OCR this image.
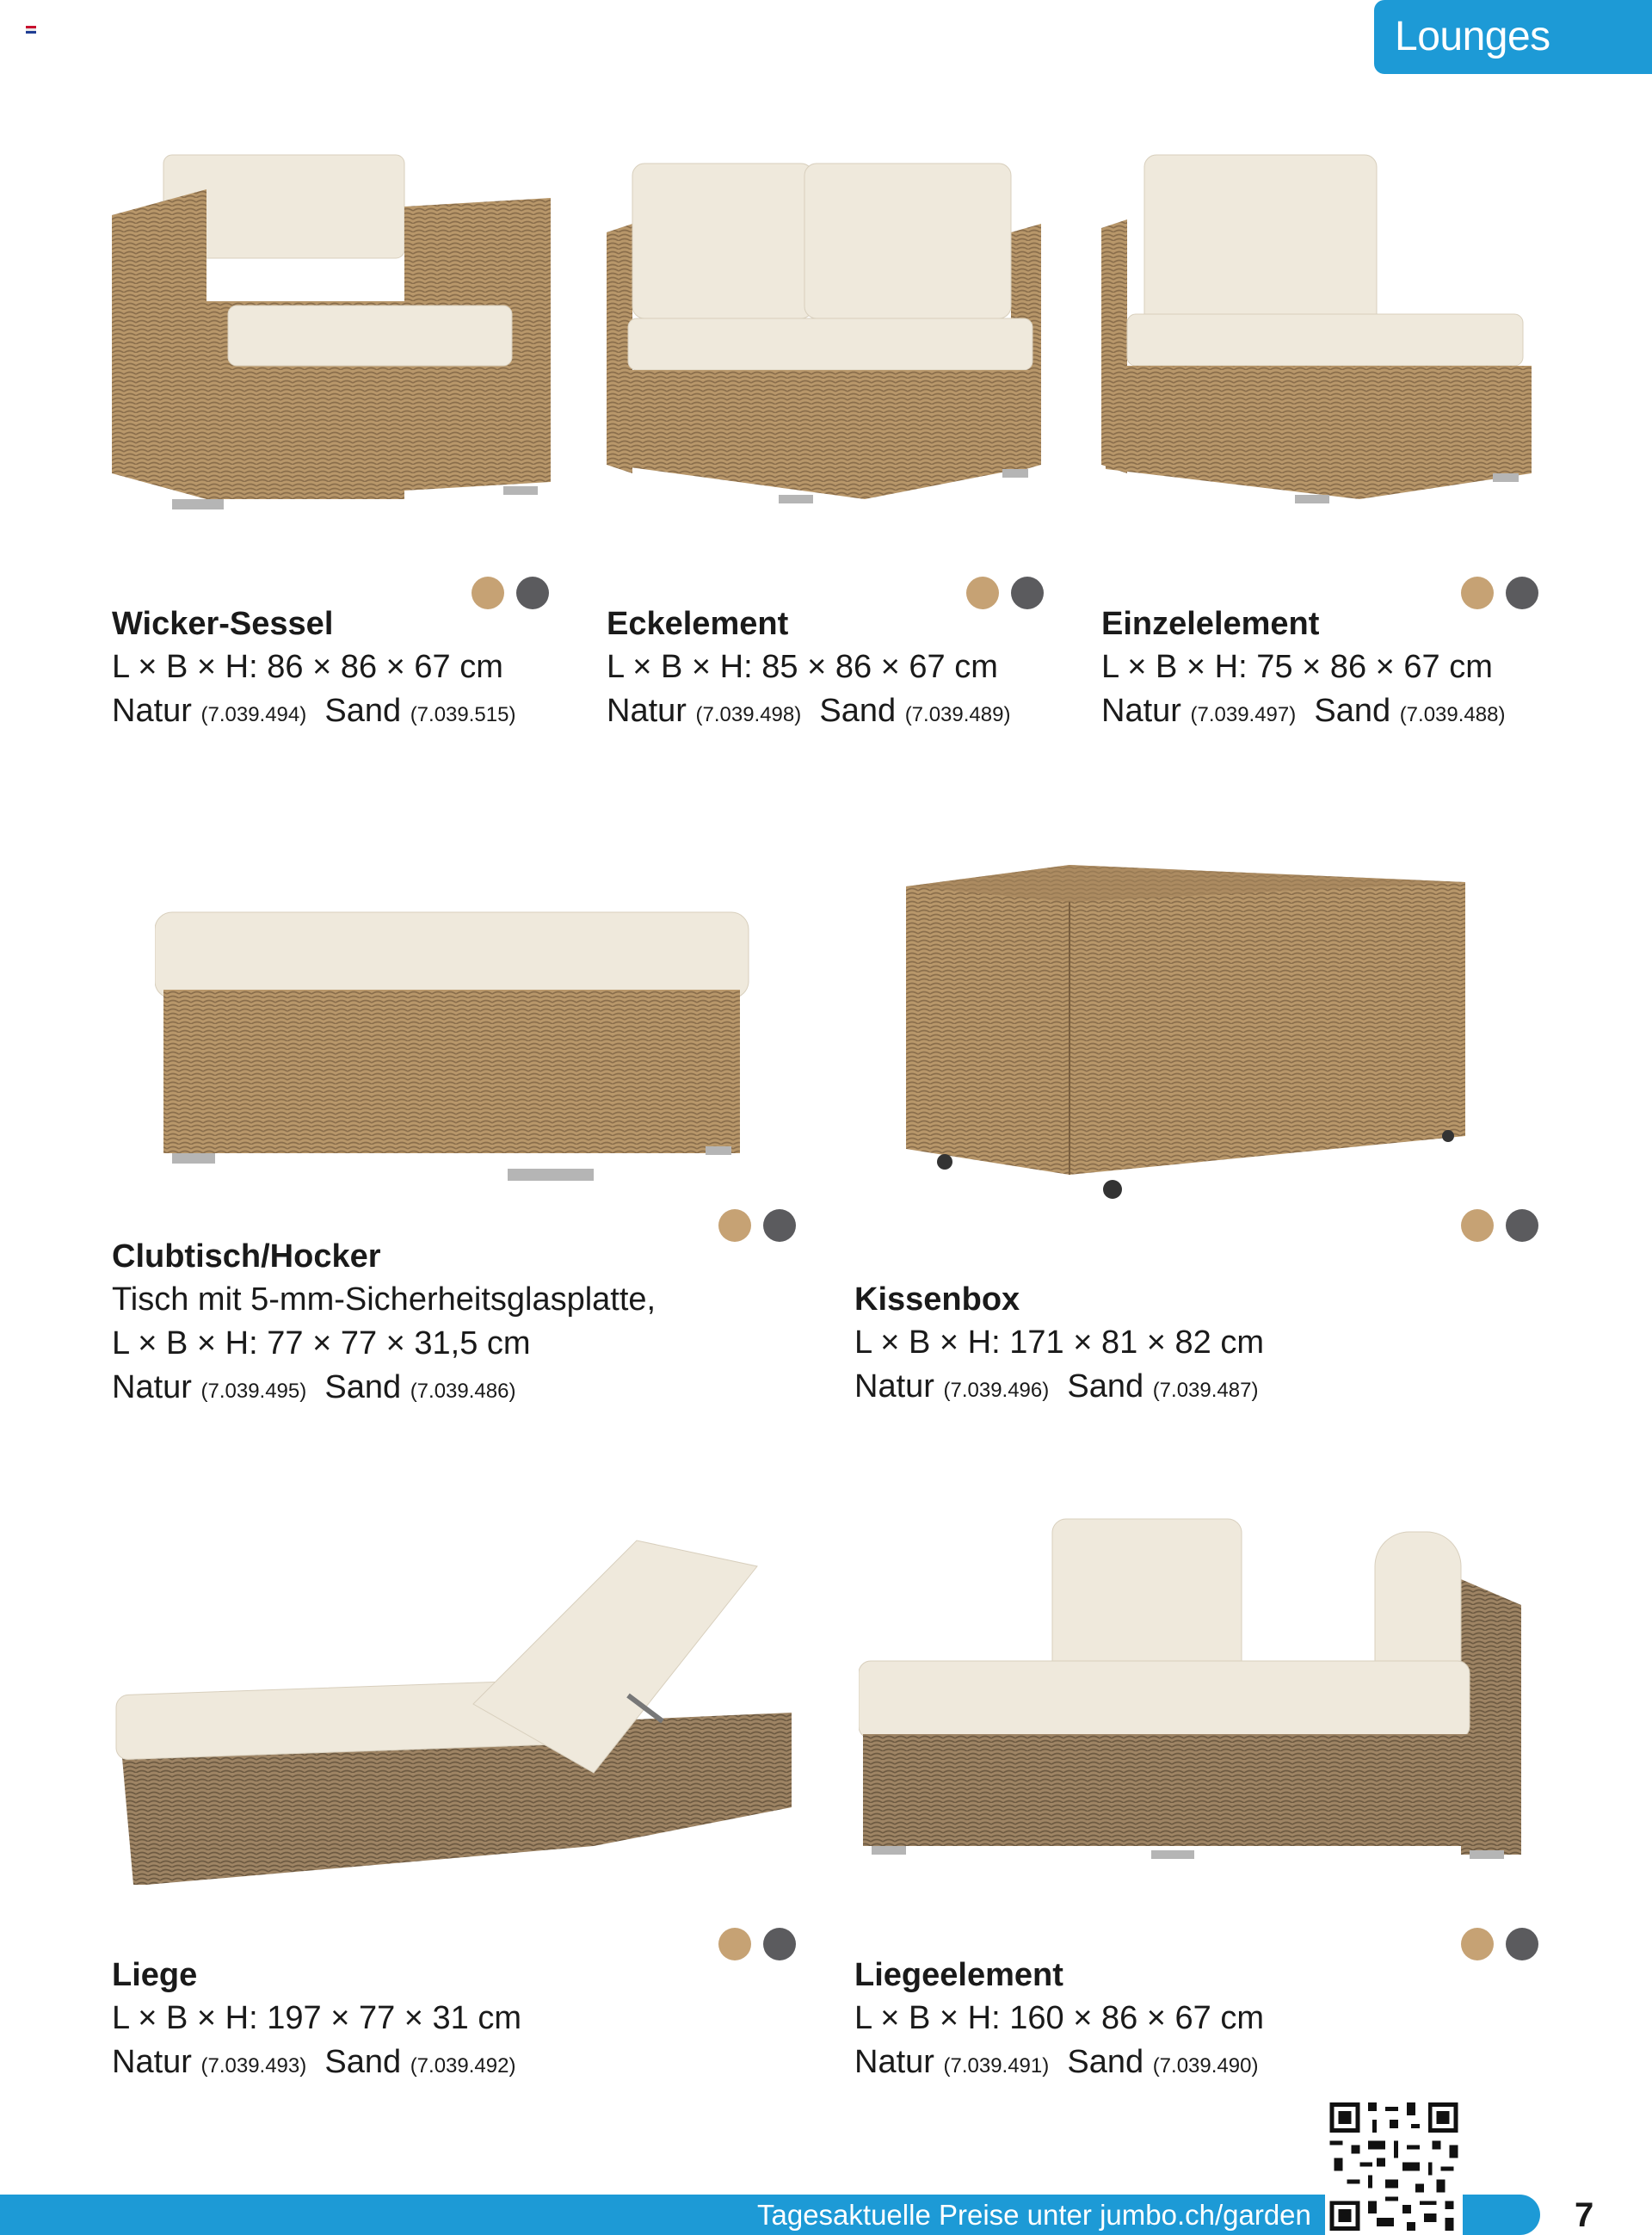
Lounges
Wicker-Sessel
L × B × H: 86 × 86 × 67 cm
Natur (7.039.494) Sand (7.039.515)
Eckelement
L × B × H: 85 × 86 × 67 cm
Natur (7.039.498) Sand (7.039.489)
Einzelelement
L × B × H: 75 × 86 × 67 cm
Natur (7.039.497) Sand (7.039.488)
Clubtisch/Hocker
Tisch mit 5-mm-Sicherheitsglasplatte,
L × B × H: 77 × 77 × 31,5 cm
Natur (7.039.495) Sand (7.039.486)
Kissenbox
L × B × H: 171 × 81 × 82 cm
Natur (7.039.496) Sand (7.039.487)
Liege
L × B × H: 197 × 77 × 31 cm
Natur (7.039.493) Sand (7.039.492)
Liegeelement
L × B × H: 160 × 86 × 67 cm
Natur (7.039.491) Sand (7.039.490)
Tagesaktuelle Preise unter jumbo.ch/garden	7
